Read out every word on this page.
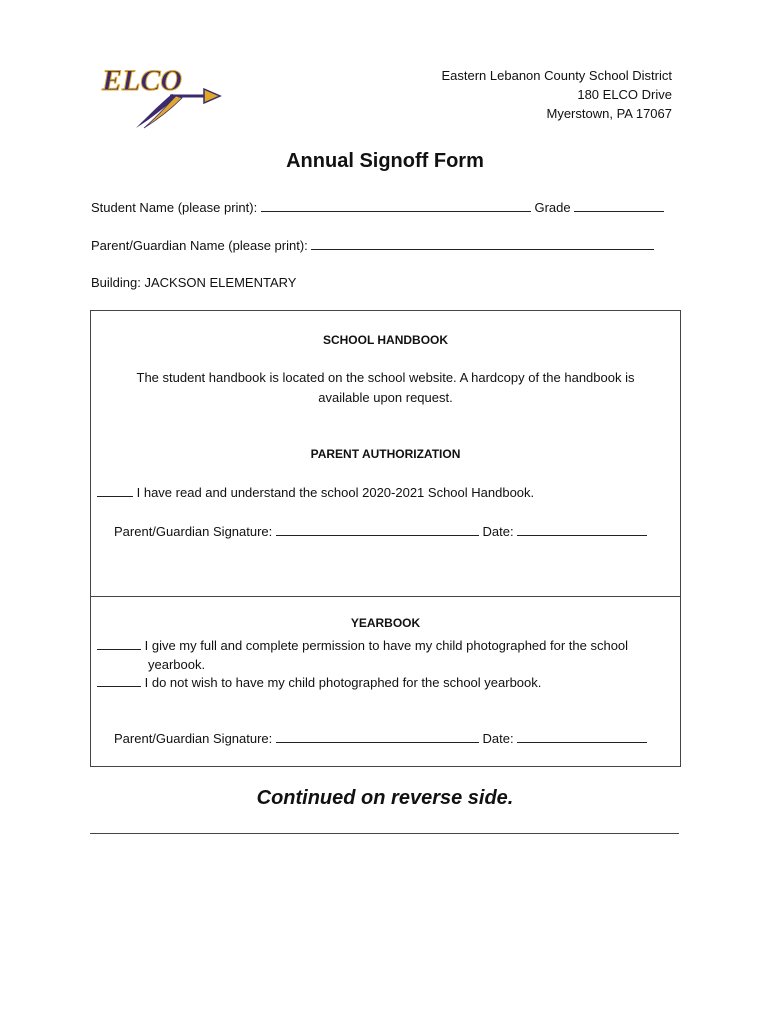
ELCO	Eastern Lebanon County School District
180 ELCO Drive
Myerstown, PA 17067
Annual Signoff Form
Student Name (please print):	Grade
Parent/Guardian Name (please print):
Building: JACKSON ELEMENTARY
SCHOOL HANDBOOK
The student handbook is located on the school website. A hardcopy of the handbook is
available upon request.
PARENT AUTHORIZATION
I have read and understand the school 2020-2021 School Handbook.
Parent/Guardian Signature:	Date:
YEARBOOK
I give my full and complete permission to have my child photographed for the school
yearbook.
I do not wish to have my child photographed for the school yearbook.
Parent/Guardian Signature:	Date:
Continued on reverse side.
